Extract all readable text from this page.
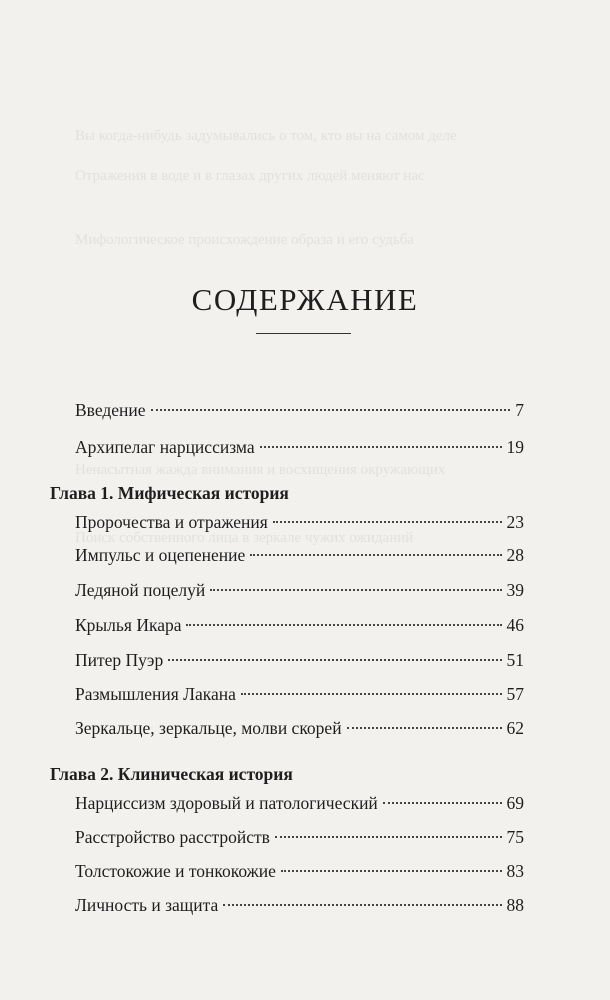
Вы когда-нибудь задумывались о том, кто вы на самом деле
Отражения в воде и в глазах других людей меняют нас
Мифологическое происхождение образа и его судьба
Ненасытная жажда внимания и восхищения окружающих
Поиск собственного лица в зеркале чужих ожиданий
СОДЕРЖАНИЕ
Введение	7
Архипелаг нарциссизма	19
Глава 1. Мифическая история
Пророчества и отражения	23
Импульс и оцепенение	28
Ледяной поцелуй	39
Крылья Икара	46
Питер Пуэр	51
Размышления Лакана	57
Зеркальце, зеркальце, молви скорей	62
Глава 2. Клиническая история
Нарциссизм здоровый и патологический	69
Расстройство расстройств	75
Толстокожие и тонкокожие	83
Личность и защита	88
